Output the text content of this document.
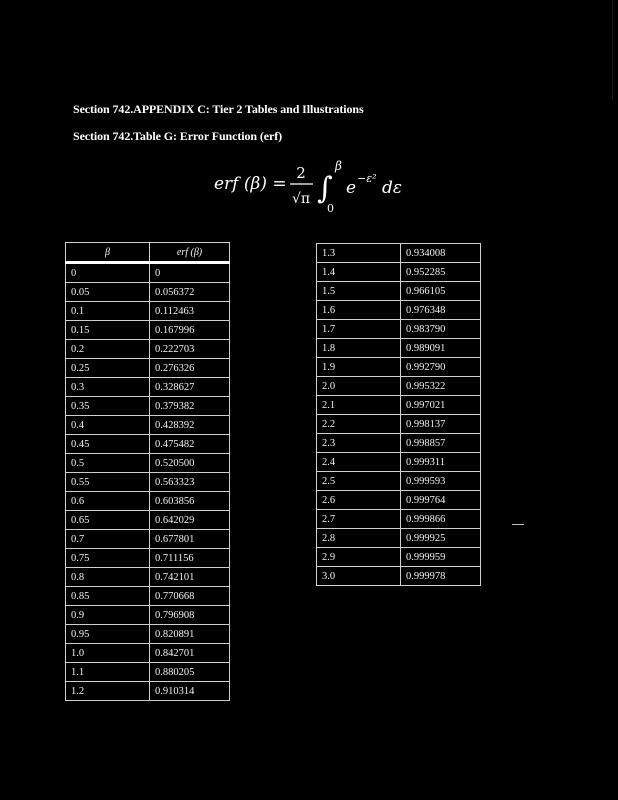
Section 742.APPENDIX C: Tier 2 Tables and Illustrations
Section 742.Table G: Error Function (erf)
erf (β) =
2
√π ∫
β
0
e −ε² dε
β	erf (β)
0	0
0.05	0.056372
0.1	0.112463
0.15	0.167996
0.2	0.222703
0.25	0.276326
0.3	0.328627
0.35	0.379382
0.4	0.428392
0.45	0.475482
0.5	0.520500
0.55	0.563323
0.6	0.603856
0.65	0.642029
0.7	0.677801
0.75	0.711156
0.8	0.742101
0.85	0.770668
0.9	0.796908
0.95	0.820891
1.0	0.842701
1.1	0.880205
1.2	0.910314
1.3	0.934008
1.4	0.952285
1.5	0.966105
1.6	0.976348
1.7	0.983790
1.8	0.989091
1.9	0.992790
2.0	0.995322
2.1	0.997021
2.2	0.998137
2.3	0.998857
2.4	0.999311
2.5	0.999593
2.6	0.999764
2.7	0.999866
2.8	0.999925
2.9	0.999959
3.0	0.999978
